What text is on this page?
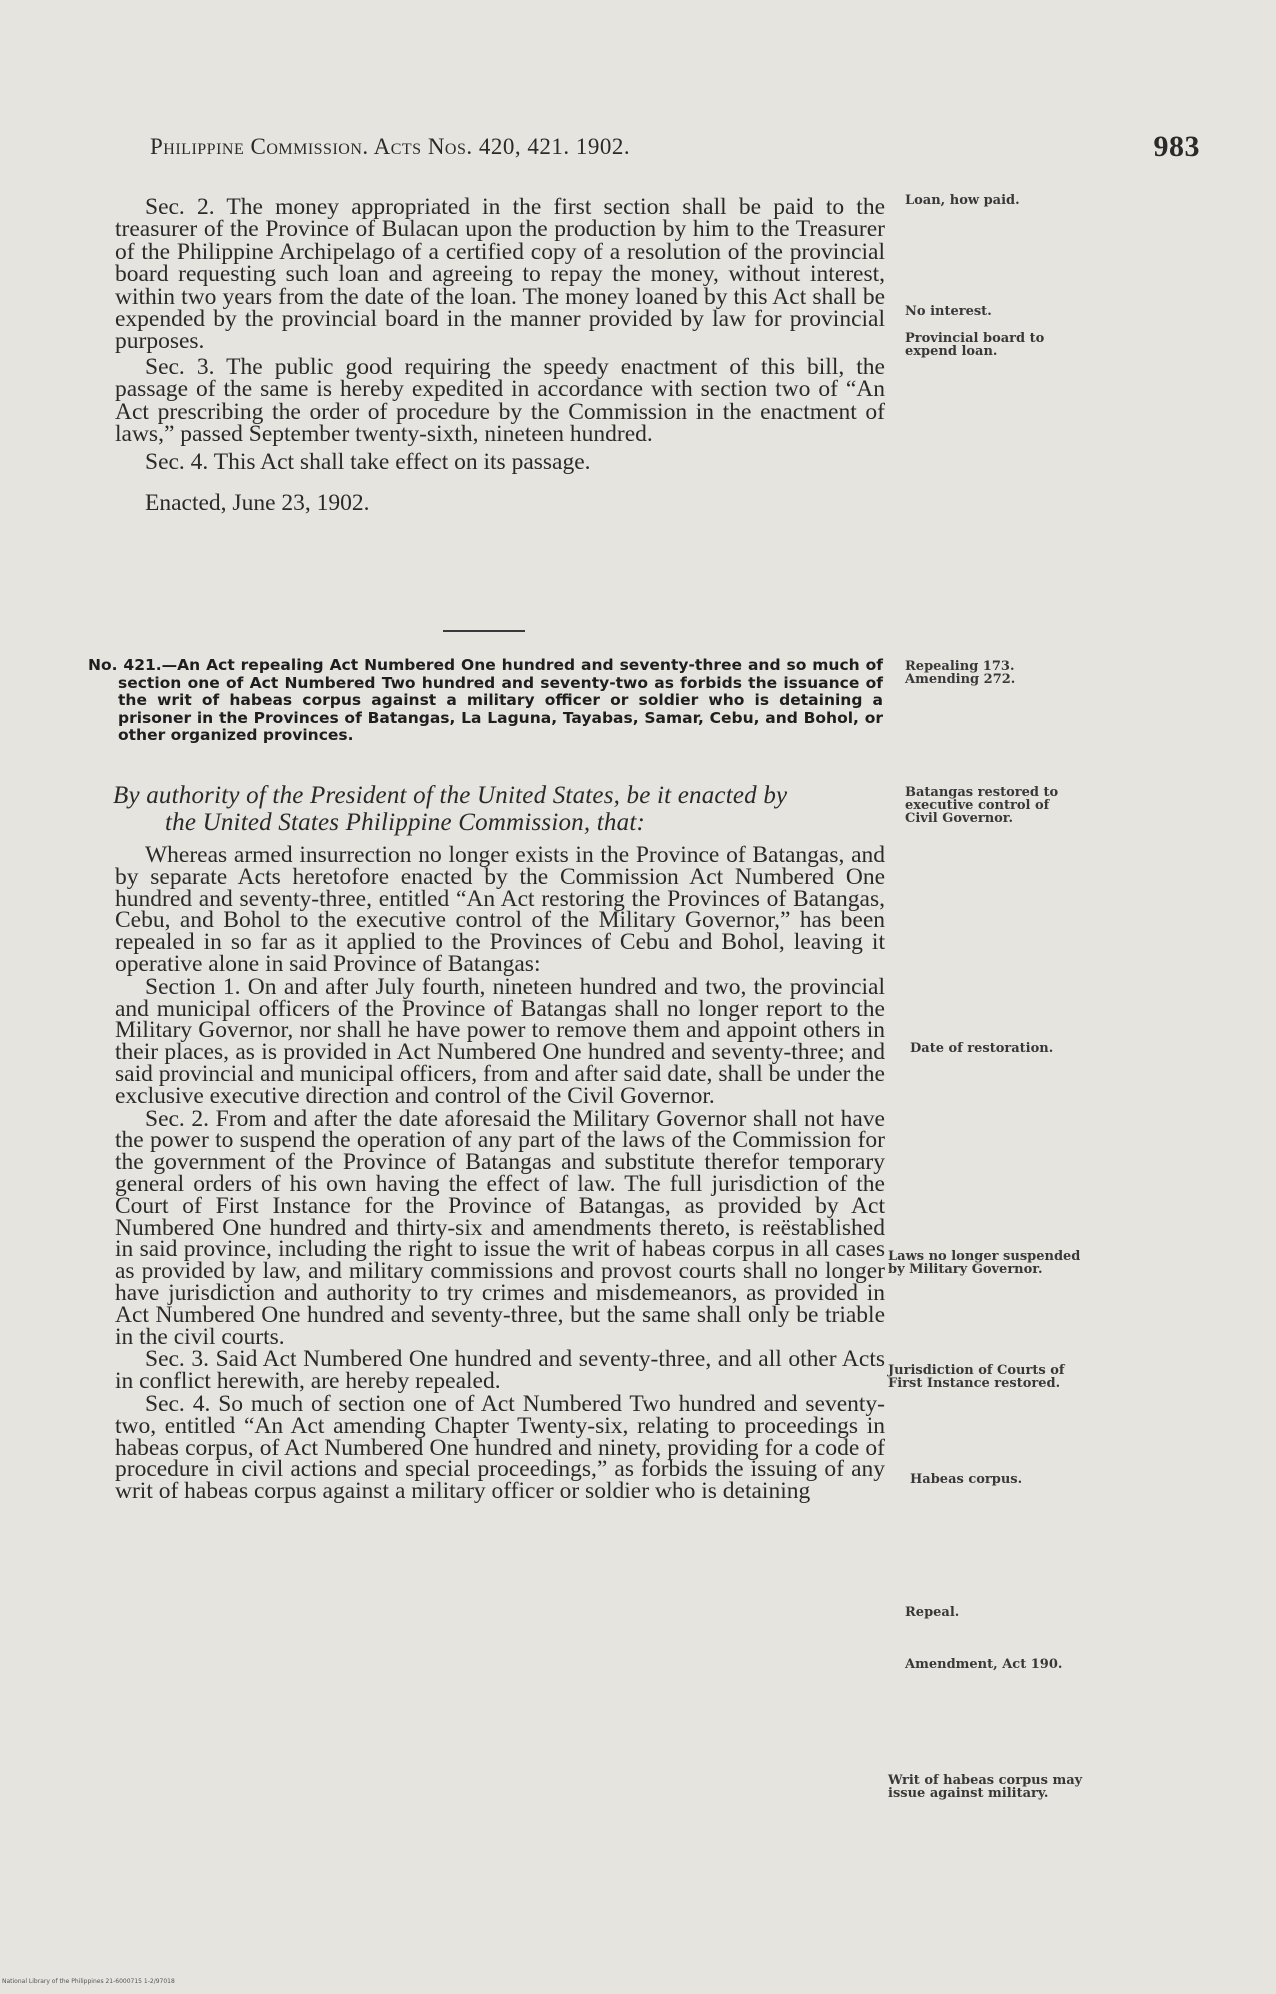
Philippine Commission. Acts Nos. 420, 421. 1902.	983

Sec. 2. The money appropriated in the first section shall be paid to the treasurer of the Province of Bulacan upon the production by him to the Treasurer of the Philippine Archipelago of a certified copy of a resolution of the provincial board requesting such loan and agreeing to repay the money, without interest, within two years from the date of the loan. The money loaned by this Act shall be expended by the provincial board in the manner provided by law for provincial purposes.

Sec. 3. The public good requiring the speedy enactment of this bill, the passage of the same is hereby expedited in accordance with section two of “An Act prescribing the order of procedure by the Commission in the enactment of laws,” passed September twenty-sixth, nineteen hundred.

Sec. 4. This Act shall take effect on its passage.

Enacted, June 23, 1902.

No. 421.—An Act repealing Act Numbered One hundred and seventy-three and so much of section one of Act Numbered Two hundred and seventy-two as forbids the issuance of the writ of habeas corpus against a military officer or soldier who is detaining a prisoner in the Provinces of Batangas, La Laguna, Tayabas, Samar, Cebu, and Bohol, or other organized provinces.

By authority of the President of the United States, be it enacted by
the United States Philippine Commission, that:

Whereas armed insurrection no longer exists in the Province of Batangas, and by separate Acts heretofore enacted by the Commission Act Numbered One hundred and seventy-three, entitled “An Act restoring the Provinces of Batangas, Cebu, and Bohol to the executive control of the Military Governor,” has been repealed in so far as it applied to the Provinces of Cebu and Bohol, leaving it operative alone in said Province of Batangas:

Section 1. On and after July fourth, nineteen hundred and two, the provincial and municipal officers of the Province of Batangas shall no longer report to the Military Governor, nor shall he have power to remove them and appoint others in their places, as is provided in Act Numbered One hundred and seventy-three; and said provincial and municipal officers, from and after said date, shall be under the exclusive executive direction and control of the Civil Governor.

Sec. 2. From and after the date aforesaid the Military Governor shall not have the power to suspend the operation of any part of the laws of the Commission for the government of the Province of Batangas and substitute therefor temporary general orders of his own having the effect of law. The full jurisdiction of the Court of First Instance for the Province of Batangas, as provided by Act Numbered One hundred and thirty-six and amendments thereto, is reëstablished in said province, including the right to issue the writ of habeas corpus in all cases as provided by law, and military commissions and provost courts shall no longer have jurisdiction and authority to try crimes and misdemeanors, as provided in Act Numbered One hundred and seventy-three, but the same shall only be triable in the civil courts.

Sec. 3. Said Act Numbered One hundred and seventy-three, and all other Acts in conflict herewith, are hereby repealed.

Sec. 4. So much of section one of Act Numbered Two hundred and seventy-two, entitled “An Act amending Chapter Twenty-six, relating to proceedings in habeas corpus, of Act Numbered One hundred and ninety, providing for a code of procedure in civil actions and special proceedings,” as forbids the issuing of any writ of habeas corpus against a military officer or soldier who is detaining

Loan, how paid.
No interest.
Provincial board to expend loan.
Repealing 173. Amending 272.
Batangas restored to executive control of Civil Governor.
Date of restoration.
Laws no longer suspended by Military Governor.
Jurisdiction of Courts of First Instance restored.
Habeas corpus.
Repeal.
Amendment, Act 190.
Writ of habeas corpus may issue against military.
National Library of the Philippines 21-6000715 1-2/97018
